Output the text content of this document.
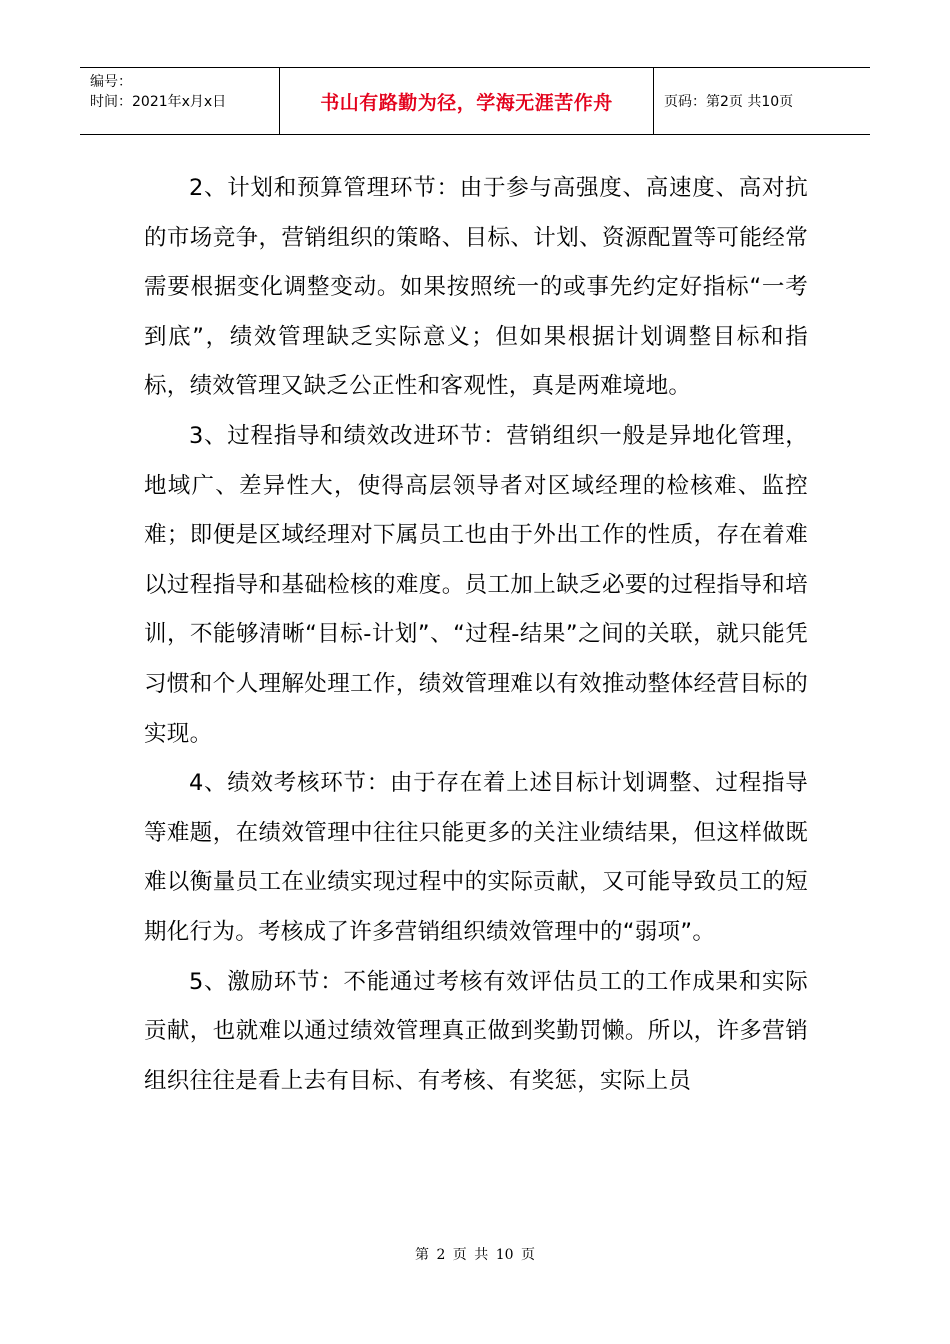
编号：
时间：2021年x月x日	书山有路勤为径，学海无涯苦作舟	页码：第2页 共10页

2、计划和预算管理环节：由于参与高强度、高速度、高对抗的市场竞争，营销组织的策略、目标、计划、资源配置等可能经常需要根据变化调整变动。如果按照统一的或事先约定好指标“一考到底”，绩效管理缺乏实际意义；但如果根据计划调整目标和指标，绩效管理又缺乏公正性和客观性，真是两难境地。

3、过程指导和绩效改进环节：营销组织一般是异地化管理，地域广、差异性大，使得高层领导者对区域经理的检核难、监控难；即便是区域经理对下属员工也由于外出工作的性质，存在着难以过程指导和基础检核的难度。员工加上缺乏必要的过程指导和培训，不能够清晰“目标-计划”、“过程-结果”之间的关联，就只能凭习惯和个人理解处理工作，绩效管理难以有效推动整体经营目标的实现。

4、绩效考核环节：由于存在着上述目标计划调整、过程指导等难题，在绩效管理中往往只能更多的关注业绩结果，但这样做既难以衡量员工在业绩实现过程中的实际贡献，又可能导致员工的短期化行为。考核成了许多营销组织绩效管理中的“弱项”。

5、激励环节：不能通过考核有效评估员工的工作成果和实际贡献，也就难以通过绩效管理真正做到奖勤罚懒。所以，许多营销组织往往是看上去有目标、有考核、有奖惩，实际上员

第 2 页 共 10 页
